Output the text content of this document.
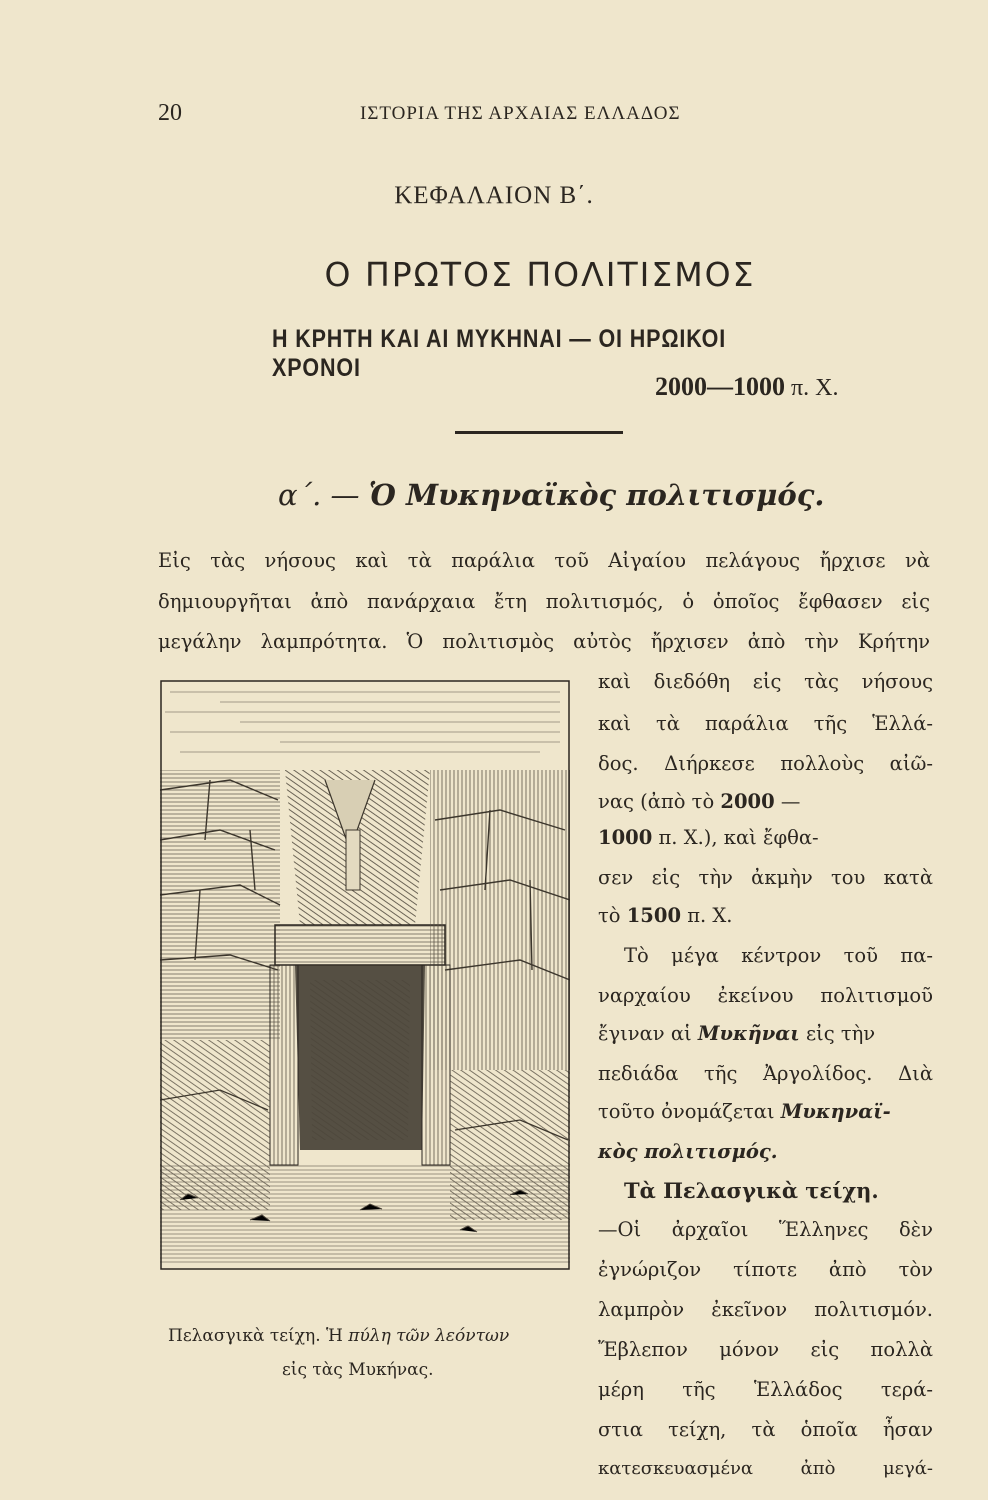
20	ΙΣΤΟΡΙΑ ΤΗΣ ΑΡΧΑΙΑΣ ΕΛΛΑΔΟΣ
ΚΕΦΑΛΑΙΟΝ Β΄.
Ο ΠΡΩΤΟΣ ΠΟΛΙΤΙΣΜΟΣ
Η ΚΡΗΤΗ ΚΑΙ ΑΙ ΜΥΚΗΝΑΙ — ΟΙ ΗΡΩΙΚΟΙ ΧΡΟΝΟΙ
2000—1000 π. Χ.
α΄. — Ὁ Μυκηναϊκὸς πολιτισμός.
Εἰς τὰς νήσους καὶ τὰ παράλια τοῦ Αἰγαίου πελάγους ἤρχισε νὰ
δημιουργῆται ἀπὸ πανάρχαια ἔτη πολιτισμός, ὁ ὁποῖος ἔφθασεν εἰς
μεγάλην λαμπρότητα. Ὁ πολιτισμὸς αὐτὸς ἤρχισεν ἀπὸ τὴν Κρήτην
καὶ διεδόθη εἰς τὰς νήσους
καὶ τὰ παράλια τῆς Ἑλλά-
δος. Διήρκεσε πολλοὺς αἰῶ-
νας (ἀπὸ τὸ 2000 —
1000 π. Χ.), καὶ ἔφθα-
σεν εἰς τὴν ἀκμὴν του κατὰ
τὸ 1500 π. Χ.
Τὸ μέγα κέντρον τοῦ πα-
ναρχαίου ἐκείνου πολιτισμοῦ
ἔγιναν αἱ Μυκῆναι εἰς τὴν
πεδιάδα τῆς Ἀργολίδος. Διὰ
τοῦτο ὀνομάζεται Μυκηναϊ-
κὸς πολιτισμός.
Τὰ Πελασγικὰ τείχη.
—Οἱ ἀρχαῖοι Ἕλληνες δὲν
ἐγνώριζον τίποτε ἀπὸ τὸν
λαμπρὸν ἐκεῖνον πολιτισμόν.
Ἔβλεπον μόνον εἰς πολλὰ
μέρη τῆς Ἑλλάδος τερά-
στια τείχη, τὰ ὁποῖα ἦσαν
κατεσκευασμένα ἀπὸ μεγά-
Πελασγικὰ τείχη. Ἡ πύλη τῶν λεόντων
εἰς τὰς Μυκήνας.
